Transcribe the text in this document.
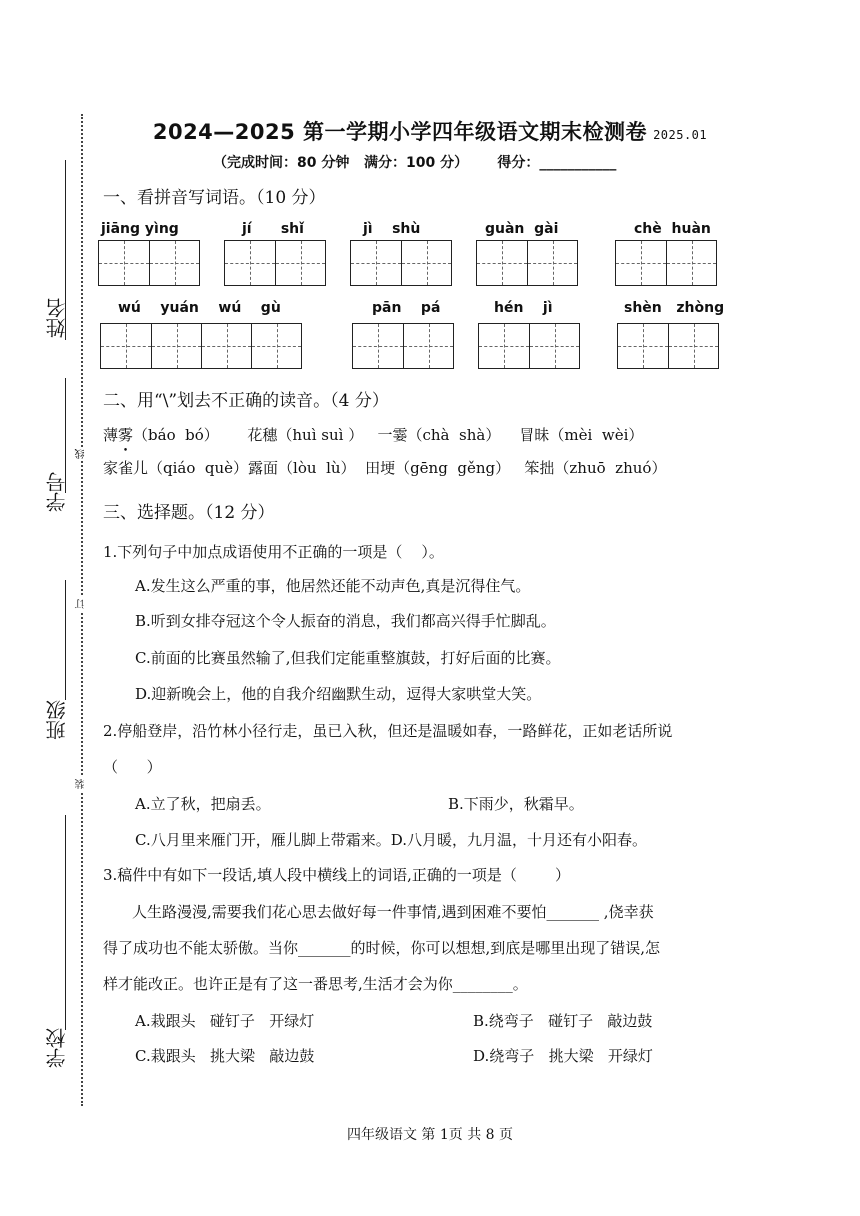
姓名
学号
班级
学校
线
订
装
2024—2025 第一学期小学四年级语文期末检测卷 2025.01
（完成时间：80 分钟   满分：100 分）      得分：___________
一、看拼音写词语。（10 分）
jiāng yìng	jí      shǐ	jì    shù	guàn  gài	chè  huàn
wú    yuán    wú    gù	pān    pá	hén    jì	shèn   zhòng
二、用“\”划去不正确的读音。（4 分）
薄雾（báo  bó）      花穗（huì suì ）   一霎（chà  shà）    冒昧（mèi  wèi）
家雀儿（qiáo  què）露面（lòu  lù）  田埂（gēng  gěng）   笨拙（zhuō  zhuó）
三、选择题。（12 分）
1.下列句子中加点成语使用不正确的一项是（    ）。
A.发生这么严重的事，他居然还能不动声色,真是沉得住气。
B.听到女排夺冠这个令人振奋的消息，我们都高兴得手忙脚乱。
C.前面的比赛虽然输了,但我们定能重整旗鼓，打好后面的比赛。
D.迎新晚会上，他的自我介绍幽默生动，逗得大家哄堂大笑。
2.停船登岸，沿竹林小径行走，虽已入秋，但还是温暖如春，一路鲜花，正如老话所说
（      ）
A.立了秋，把扇丢。	B.下雨少，秋霜早。
C.八月里来雁门开，雁儿脚上带霜来。D.八月暖，九月温，十月还有小阳春。
3.稿件中有如下一段话,填人段中横线上的词语,正确的一项是（        ）
人生路漫漫,需要我们花心思去做好每一件事情,遇到困难不要怕_______ ,侥幸获
得了成功也不能太骄傲。当你_______的时候，你可以想想,到底是哪里出现了错误,怎
样才能改正。也许正是有了这一番思考,生活才会为你________。
A.栽跟头   碰钉子   开绿灯	B.绕弯子   碰钉子   敲边鼓
C.栽跟头   挑大梁   敲边鼓	D.绕弯子   挑大梁   开绿灯
四年级语文 第 1页 共 8 页
